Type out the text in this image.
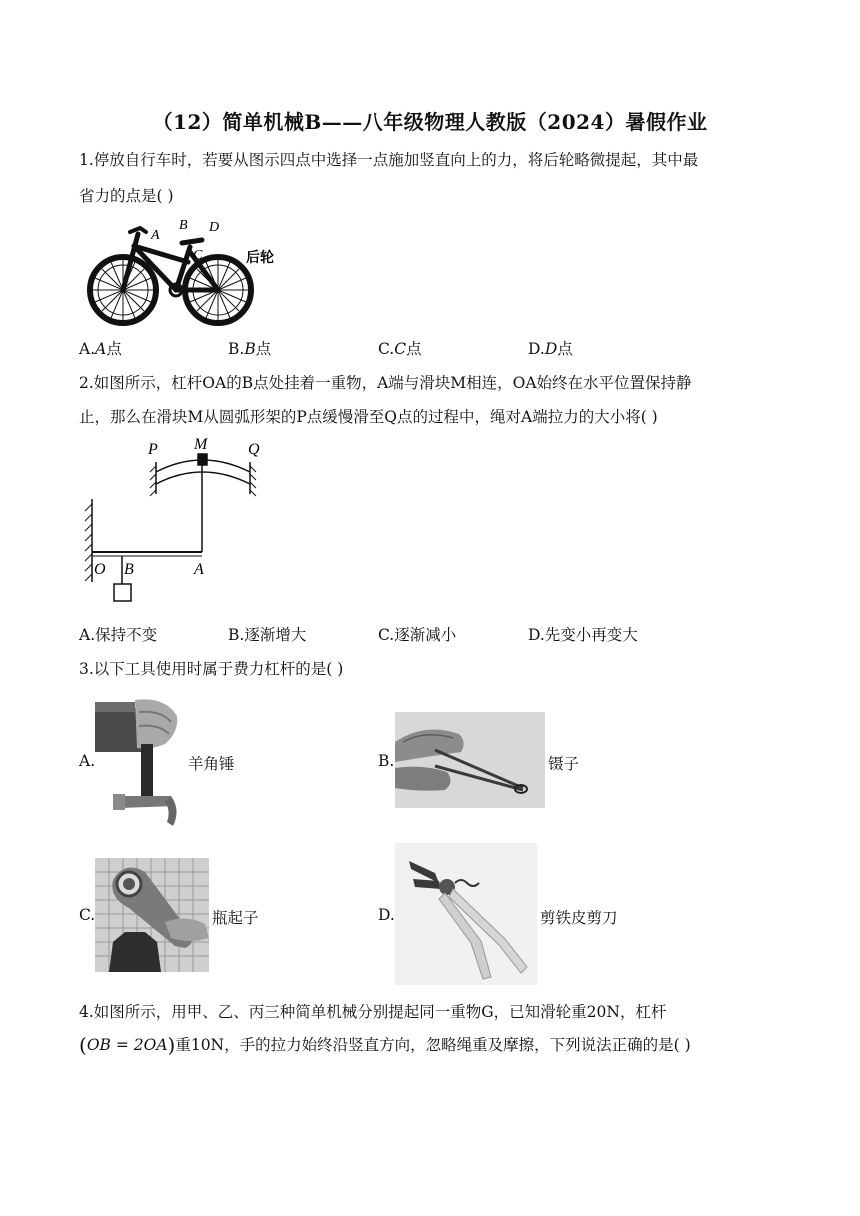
（12）简单机械B——八年级物理人教版（2024）暑假作业
1.停放自行车时，若要从图示四点中选择一点施加竖直向上的力，将后轮略微提起，其中最
省力的点是( )
A
B D
C	后轮
A.A点	B.B点	C.C点	D.D点
2.如图所示，杠杆OA的B点处挂着一重物，A端与滑块M相连，OA始终在水平位置保持静
止，那么在滑块M从圆弧形架的P点缓慢滑至Q点的过程中，绳对A端拉力的大小将( )
P M	Q
O B	A
A.保持不变	B.逐渐增大	C.逐渐减小	D.先变小再变大
3.以下工具使用时属于费力杠杆的是( )
A.	羊角锤	B.	镊子
C.	瓶起子	D.	剪铁皮剪刀
4.如图所示，用甲、乙、丙三种简单机械分别提起同一重物G，已知滑轮重20N，杠杆
(OB = 2OA)重10N，手的拉力始终沿竖直方向，忽略绳重及摩擦，下列说法正确的是( )
